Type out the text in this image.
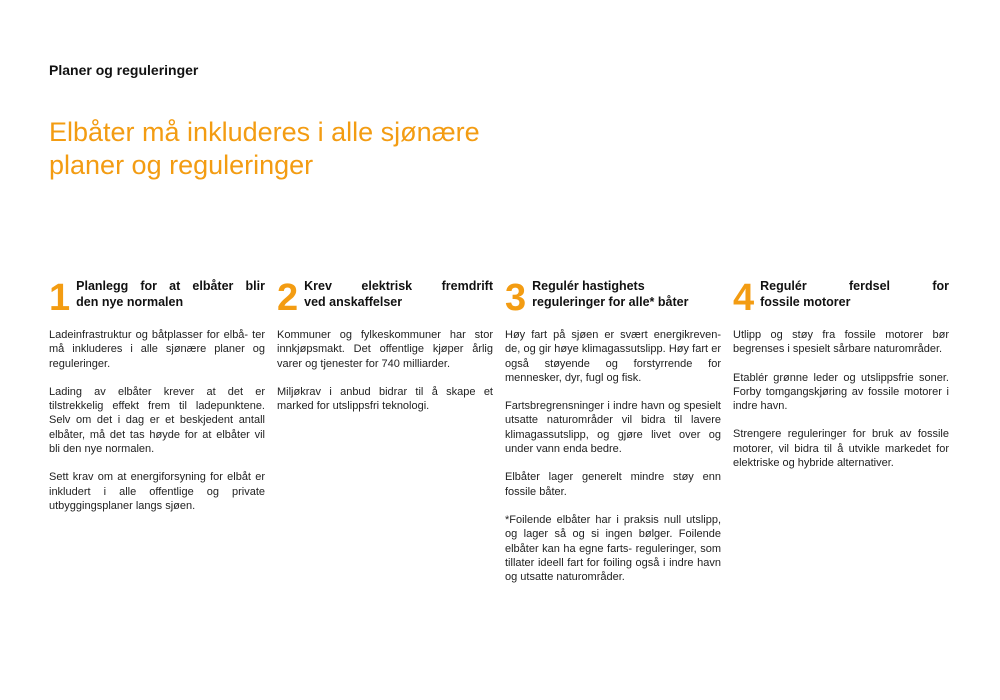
Planer og reguleringer
Elbåter må inkluderes i alle sjønære
planer og reguleringer
1 Planlegg for at elbåter blir
den nye normalen

Ladeinfrastruktur og båtplasser for elbå- ter må inkluderes i alle sjønære planer og reguleringer.

Lading av elbåter krever at det er tilstrekkelig effekt frem til ladepunktene. Selv om det i dag er et beskjedent antall elbåter, må det tas høyde for at elbåter vil bli den nye normalen.

Sett krav om at energiforsyning for elbåt er inkludert i alle offentlige og private utbyggingsplaner langs sjøen.

2 Krev elektrisk fremdrift
ved anskaffelser

Kommuner og fylkeskommuner har stor innkjøpsmakt. Det offentlige kjøper årlig varer og tjenester for 740 milliarder.

Miljøkrav i anbud bidrar til å skape et marked for utslippsfri teknologi.

3 Regulér hastighets
reguleringer for alle* båter

Høy fart på sjøen er svært energikreven- de, og gir høye klimagassutslipp. Høy fart er også støyende og forstyrrende for mennesker, dyr, fugl og fisk.

Fartsbregrensninger i indre havn og spesielt utsatte naturområder vil bidra til lavere klimagassutslipp, og gjøre livet over og under vann enda bedre.

Elbåter lager generelt mindre støy enn fossile båter.

*Foilende elbåter har i praksis null utslipp, og lager så og si ingen bølger. Foilende elbåter kan ha egne farts- reguleringer, som tillater ideell fart for foiling også i indre havn og utsatte naturområder.

4 Regulér ferdsel for
fossile motorer

Utlipp og støy fra fossile motorer bør begrenses i spesielt sårbare naturområder.

Etablér grønne leder og utslippsfrie soner. Forby tomgangskjøring av fossile motorer i indre havn.

Strengere reguleringer for bruk av fossile motorer, vil bidra til å utvikle markedet for elektriske og hybride alternativer.
